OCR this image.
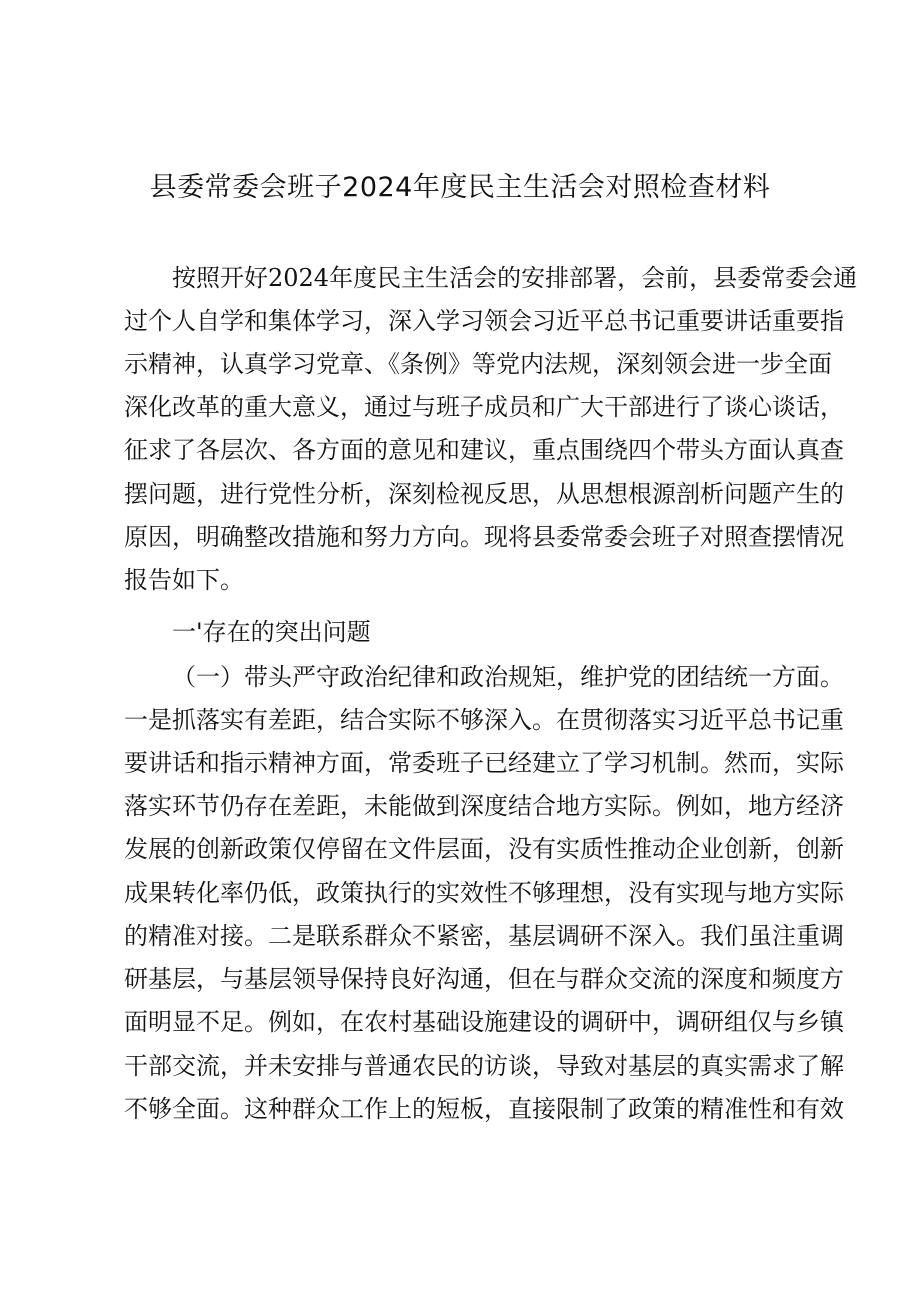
县委常委会班子2024年度民主生活会对照检查材料
按照开好2024年度民主生活会的安排部署，会前，县委常委会通
过个人自学和集体学习，深入学习领会习近平总书记重要讲话重要指
示精神，认真学习党章、《条例》等党内法规，深刻领会进一步全面
深化改革的重大意义，通过与班子成员和广大干部进行了谈心谈话，
征求了各层次、各方面的意见和建议，重点围绕四个带头方面认真查
摆问题，进行党性分析，深刻检视反思，从思想根源剖析问题产生的
原因，明确整改措施和努力方向。现将县委常委会班子对照查摆情况
报告如下。
一'存在的突出问题
（一）带头严守政治纪律和政治规矩，维护党的团结统一方面。
一是抓落实有差距，结合实际不够深入。在贯彻落实习近平总书记重
要讲话和指示精神方面，常委班子已经建立了学习机制。然而，实际
落实环节仍存在差距，未能做到深度结合地方实际。例如，地方经济
发展的创新政策仅停留在文件层面，没有实质性推动企业创新，创新
成果转化率仍低，政策执行的实效性不够理想，没有实现与地方实际
的精准对接。二是联系群众不紧密，基层调研不深入。我们虽注重调
研基层，与基层领导保持良好沟通，但在与群众交流的深度和频度方
面明显不足。例如，在农村基础设施建设的调研中，调研组仅与乡镇
干部交流，并未安排与普通农民的访谈，导致对基层的真实需求了解
不够全面。这种群众工作上的短板，直接限制了政策的精准性和有效
